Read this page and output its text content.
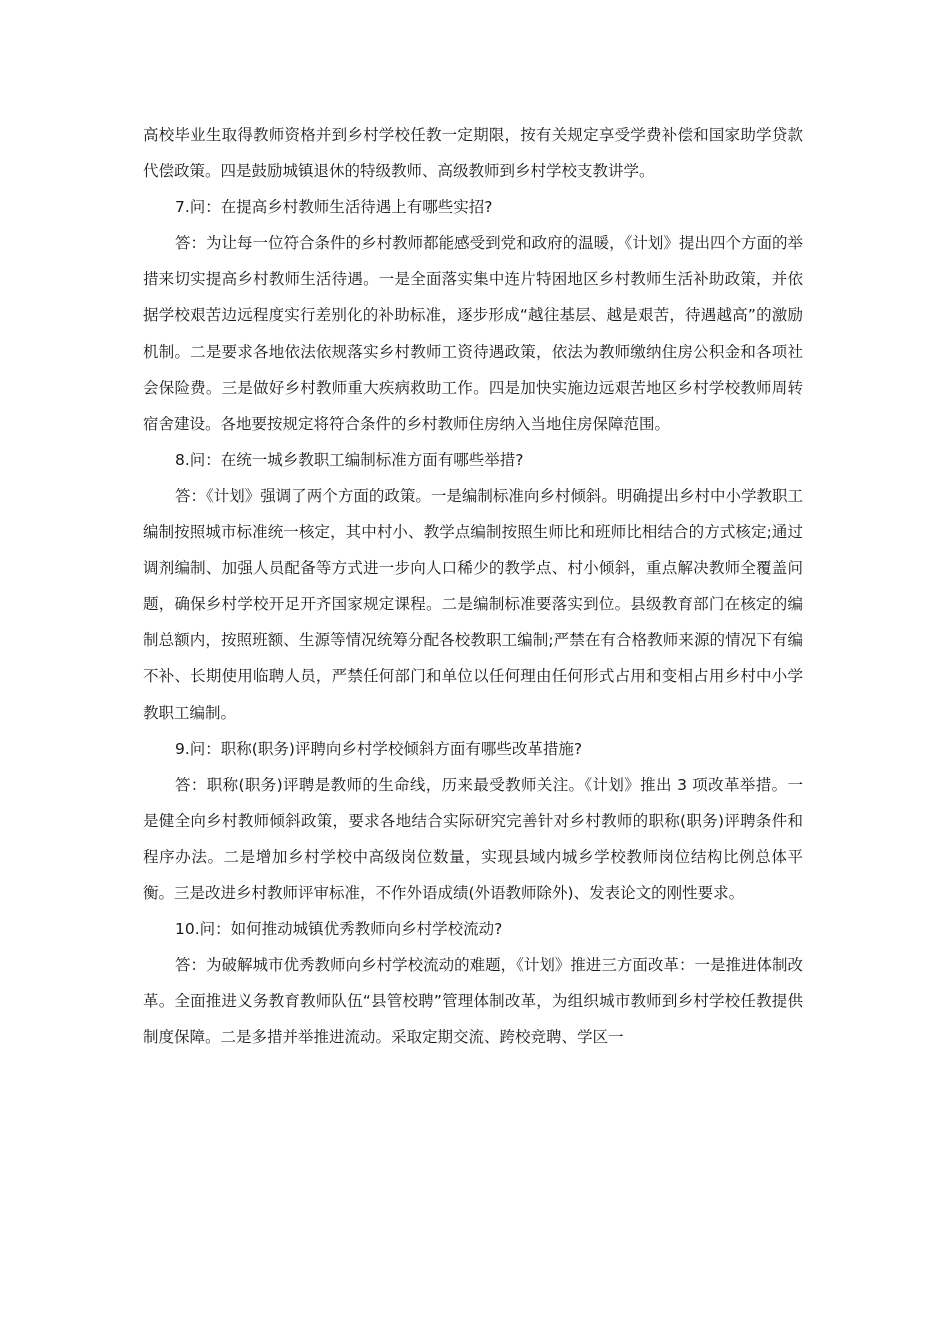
高校毕业生取得教师资格并到乡村学校任教一定期限，按有关规定享受学费补偿和国家助学贷款代偿政策。四是鼓励城镇退休的特级教师、高级教师到乡村学校支教讲学。

7.问：在提高乡村教师生活待遇上有哪些实招?

答：为让每一位符合条件的乡村教师都能感受到党和政府的温暖，《计划》提出四个方面的举措来切实提高乡村教师生活待遇。一是全面落实集中连片特困地区乡村教师生活补助政策，并依据学校艰苦边远程度实行差别化的补助标准，逐步形成“越往基层、越是艰苦，待遇越高”的激励机制。二是要求各地依法依规落实乡村教师工资待遇政策，依法为教师缴纳住房公积金和各项社会保险费。三是做好乡村教师重大疾病救助工作。四是加快实施边远艰苦地区乡村学校教师周转宿舍建设。各地要按规定将符合条件的乡村教师住房纳入当地住房保障范围。

8.问：在统一城乡教职工编制标准方面有哪些举措?

答：《计划》强调了两个方面的政策。一是编制标准向乡村倾斜。明确提出乡村中小学教职工编制按照城市标准统一核定，其中村小、教学点编制按照生师比和班师比相结合的方式核定;通过调剂编制、加强人员配备等方式进一步向人口稀少的教学点、村小倾斜，重点解决教师全覆盖问题，确保乡村学校开足开齐国家规定课程。二是编制标准要落实到位。县级教育部门在核定的编制总额内，按照班额、生源等情况统筹分配各校教职工编制;严禁在有合格教师来源的情况下有编不补、长期使用临聘人员，严禁任何部门和单位以任何理由任何形式占用和变相占用乡村中小学教职工编制。

9.问：职称(职务)评聘向乡村学校倾斜方面有哪些改革措施?

答：职称(职务)评聘是教师的生命线，历来最受教师关注。《计划》推出 3 项改革举措。一是健全向乡村教师倾斜政策，要求各地结合实际研究完善针对乡村教师的职称(职务)评聘条件和程序办法。二是增加乡村学校中高级岗位数量，实现县域内城乡学校教师岗位结构比例总体平衡。三是改进乡村教师评审标准，不作外语成绩(外语教师除外)、发表论文的刚性要求。

10.问：如何推动城镇优秀教师向乡村学校流动?

答：为破解城市优秀教师向乡村学校流动的难题，《计划》推进三方面改革：一是推进体制改革。全面推进义务教育教师队伍“县管校聘”管理体制改革，为组织城市教师到乡村学校任教提供制度保障。二是多措并举推进流动。采取定期交流、跨校竞聘、学区一
